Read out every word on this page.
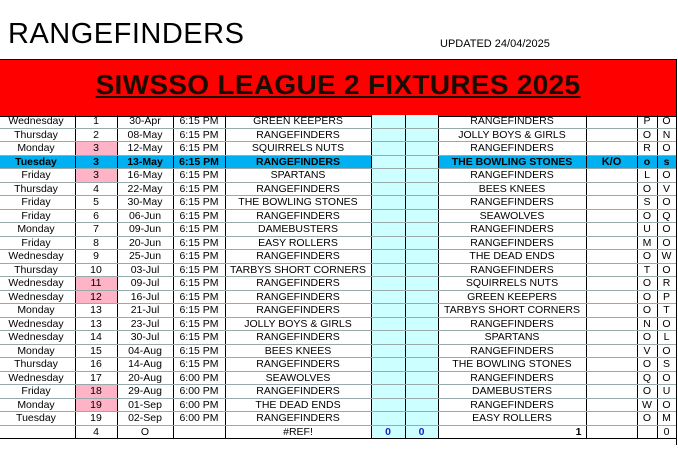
RANGEFINDERS	UPDATED 24/04/2025
SIWSSO LEAGUE 2 FIXTURES 2025
Wednesday	1	30-Apr	6:15 PM	GREEN KEEPERS			RANGEFINDERS		P	O
Thursday	2	08-May	6:15 PM	RANGEFINDERS			JOLLY BOYS & GIRLS		O	N
Monday	3	12-May	6:15 PM	SQUIRRELS NUTS			RANGEFINDERS		R	O
Tuesday	3	13-May	6:15 PM	RANGEFINDERS			THE BOWLING STONES	K/O	o	s
Friday	3	16-May	6:15 PM	SPARTANS			RANGEFINDERS		L	O
Thursday	4	22-May	6:15 PM	RANGEFINDERS			BEES KNEES		O	V
Friday	5	30-May	6:15 PM	THE BOWLING STONES			RANGEFINDERS		S	O
Friday	6	06-Jun	6:15 PM	RANGEFINDERS			SEAWOLVES		O	Q
Monday	7	09-Jun	6:15 PM	DAMEBUSTERS			RANGEFINDERS		U	O
Friday	8	20-Jun	6:15 PM	EASY ROLLERS			RANGEFINDERS		M	O
Wednesday	9	25-Jun	6:15 PM	RANGEFINDERS			THE DEAD ENDS		O	W
Thursday	10	03-Jul	6:15 PM	TARBYS SHORT CORNERS			RANGEFINDERS		T	O
Wednesday	11	09-Jul	6:15 PM	RANGEFINDERS			SQUIRRELS NUTS		O	R
Wednesday	12	16-Jul	6:15 PM	RANGEFINDERS			GREEN KEEPERS		O	P
Monday	13	21-Jul	6:15 PM	RANGEFINDERS			TARBYS SHORT CORNERS		O	T
Wednesday	13	23-Jul	6:15 PM	JOLLY BOYS & GIRLS			RANGEFINDERS		N	O
Wednesday	14	30-Jul	6:15 PM	RANGEFINDERS			SPARTANS		O	L
Monday	15	04-Aug	6:15 PM	BEES KNEES			RANGEFINDERS		V	O
Thursday	16	14-Aug	6:15 PM	RANGEFINDERS			THE BOWLING STONES		O	S
Wednesday	17	20-Aug	6:00 PM	SEAWOLVES			RANGEFINDERS		Q	O
Friday	18	29-Aug	6:00 PM	RANGEFINDERS			DAMEBUSTERS		O	U
Monday	19	01-Sep	6:00 PM	THE DEAD ENDS			RANGEFINDERS		W	O
Tuesday	19	02-Sep	6:00 PM	RANGEFINDERS			EASY ROLLERS		O	M
	4	O		#REF!	0	0	1			0
